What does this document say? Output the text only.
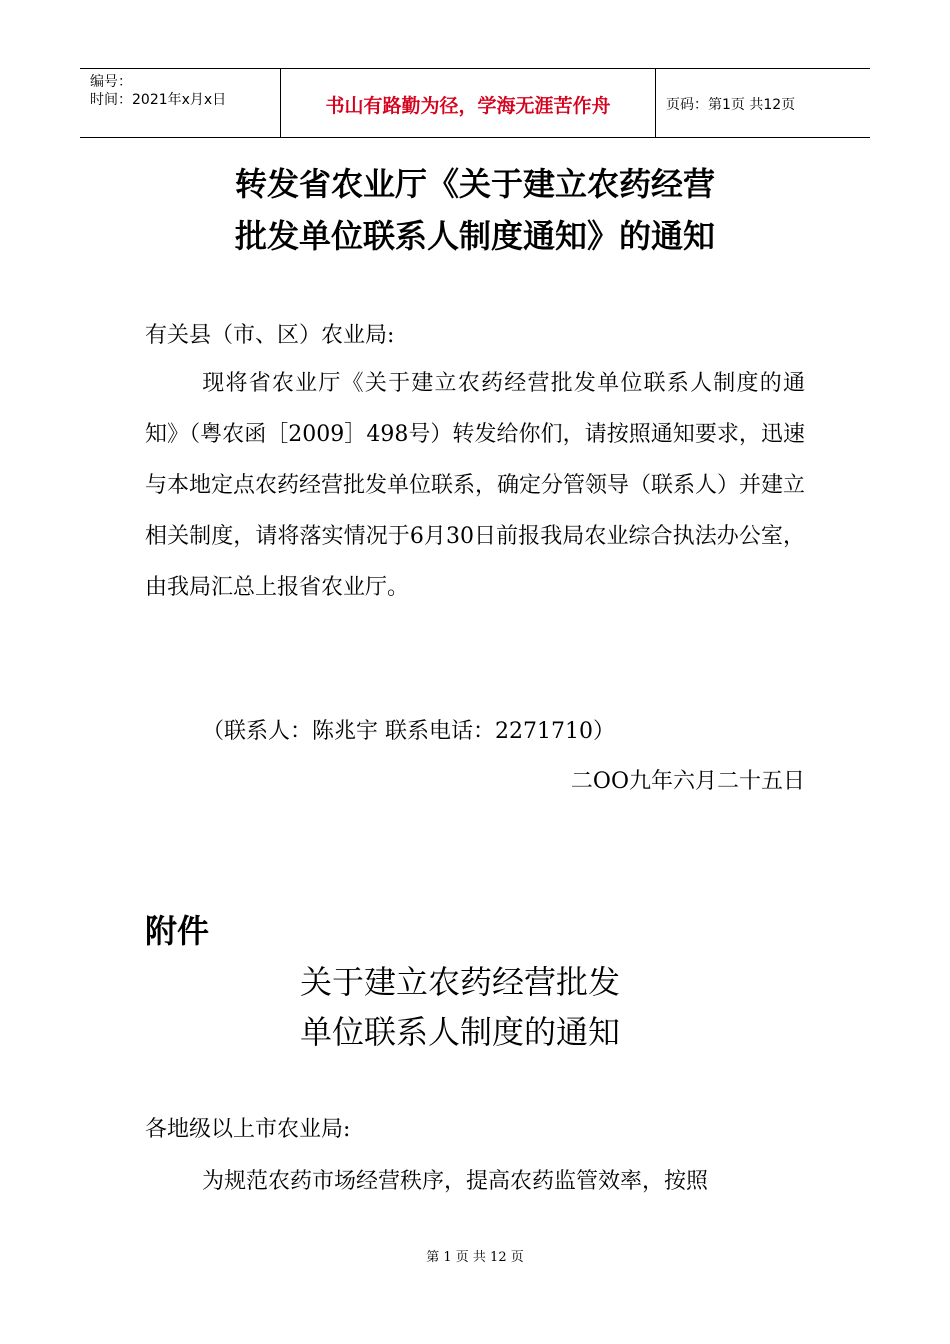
编号：
时间：2021年x月x日	书山有路勤为径，学海无涯苦作舟	页码：第1页 共12页
转发省农业厅《关于建立农药经营
批发单位联系人制度通知》的通知
有关县（市、区）农业局:
现将省农业厅《关于建立农药经营批发单位联系人制度的通知》（粤农函［2009］498号）转发给你们，请按照通知要求，迅速与本地定点农药经营批发单位联系，确定分管领导（联系人）并建立相关制度，请将落实情况于6月30日前报我局农业综合执法办公室，由我局汇总上报省农业厅。
（联系人：陈兆宇 联系电话：2271710）
二OO九年六月二十五日
附件
关于建立农药经营批发
单位联系人制度的通知
各地级以上市农业局:
为规范农药市场经营秩序，提高农药监管效率，按照
第 1 页 共 12 页
